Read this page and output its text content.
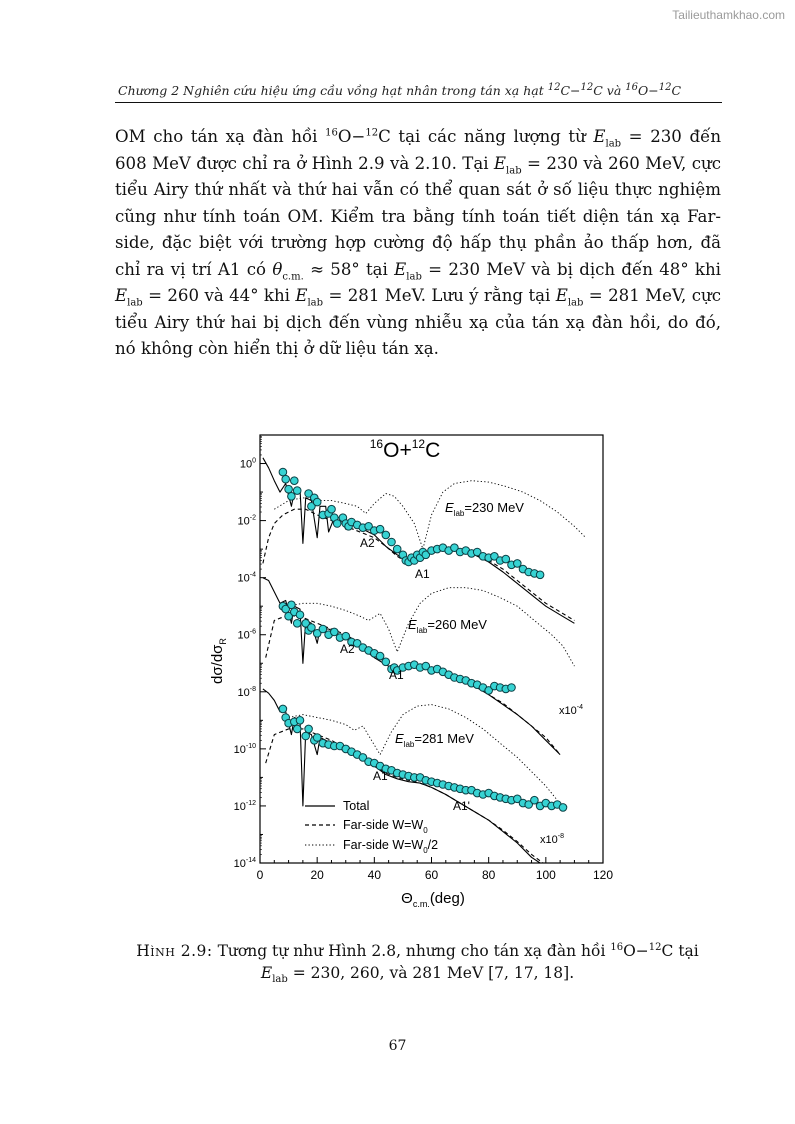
Tailieuthamkhao.com
Chương 2 Nghiên cứu hiệu ứng cầu vồng hạt nhân trong tán xạ hạt $^{12}$C−$^{12}$C và $^{16}$O−$^{12}$C

OM cho tán xạ đàn hồi $^{16}$O−$^{12}$C tại các năng lượng từ $E_{lab} = 230$ đến 608 MeV được chỉ ra ở Hình 2.9 và 2.10. Tại $E_{lab} = 230$ và 260 MeV, cực tiểu Airy thứ nhất và thứ hai vẫn có thể quan sát ở số liệu thực nghiệm cũng như tính toán OM. Kiểm tra bằng tính toán tiết diện tán xạ Far-side, đặc biệt với trường hợp cường độ hấp thụ phần ảo thấp hơn, đã chỉ ra vị trí A1 có $\theta_{c.m.} \approx 58^\circ$ tại $E_{lab} = 230$ MeV và bị dịch đến 48° khi $E_{lab} = 260$ và 44° khi $E_{lab} = 281$ MeV. Lưu ý rằng tại $E_{lab} = 281$ MeV, cực tiểu Airy thứ hai bị dịch đến vùng nhiễu xạ của tán xạ đàn hồi, do đó, nó không còn hiển thị ở dữ liệu tán xạ.

0	20	40	60	80	100	120
$10^0$
$10^{-2}$
$10^{-4}$
$10^{-6}$
$10^{-8}$
$10^{-10}$
$10^{-12}$
$10^{-14}$
$^{16}$O+$^{12}$C
$\Theta_{c.m.}(deg)$
$d\sigma/d\sigma_R$
$E_{lab}=230$ MeV
$E_{lab}=260$ MeV
$E_{lab}=281$ MeV
$x10^{-4}$
$x10^{-8}$
A2
A1
A2
A1
A1
A1'
Total
Far-side $W=W_0$
Far-side $W=W_0/2$

Hình 2.9: Tương tự như Hình 2.8, nhưng cho tán xạ đàn hồi $^{16}$O−$^{12}$C tại
$E_{lab} = 230$, 260, và 281 MeV [7, 17, 18].

67
